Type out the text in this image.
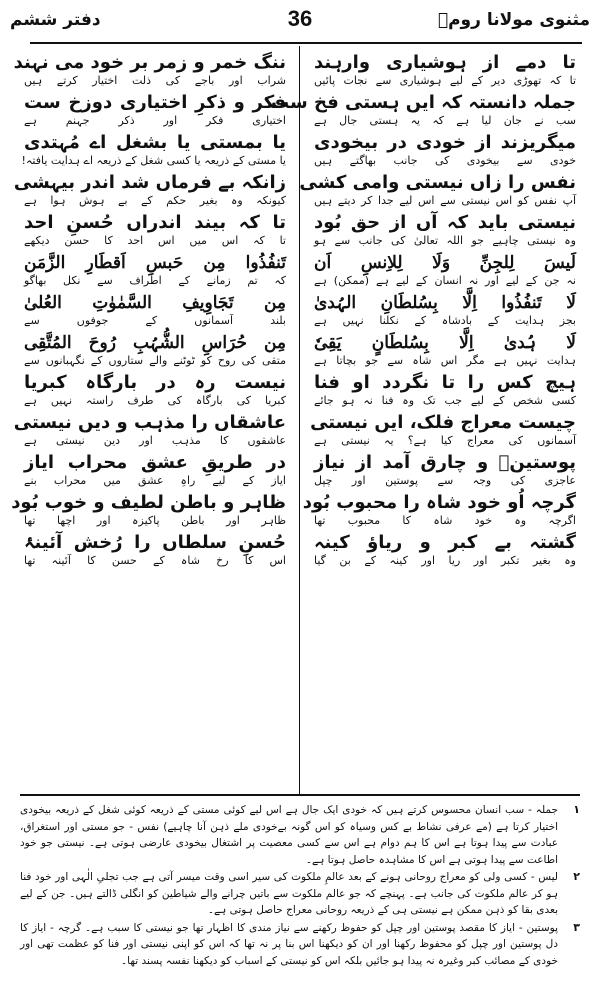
مثنوی مولانا رومؒ
36
دفتر ششم
تا دمے از ہوشیاری وارہند
تا کہ تھوڑی دیر کے لیے ہوشیاری سے نجات پائیں
جملہ دانستہ کہ ایں ہستی فخ ست
سب نے جان لیا ہے کہ یہ ہستی جال ہے
میگریزند از خودی در بیخودی
خودی سے بیخودی کی جانب بھاگتے ہیں
نفس را زاں نیستی وامی کشی
آپ نفس کو اس نیستی سے اس لیے جدا کر دیتے ہیں
نیستی باید کہ آں از حق بُود
وہ نیستی چاہیے جو اللہ تعالیٰ کی جانب سے ہو
لَیسَ لِلجِنِّ وَلَا لِلاِنسِ اَن
نہ جن کے لیے اور نہ انسان کے لیے ہے (ممکن) ہے
لَا تَنفُذُوا اِلَّا بِسُلطَانِ الہُدیٰ
بجز ہدایت کے بادشاہ کے نکلنا نہیں ہے
لَا ہُدیٰ اِلَّا بِسُلطَانٍ یَقِیٗ
ہدایت نہیں ہے مگر اس شاہ سے جو بچاتا ہے
ہیچ کس را تا نگردد او فنا
کسی شخص کے لیے جب تک وہ فنا نہ ہو جائے
چیست معراج فلک، ایں نیستی
آسمانوں کی معراج کیا ہے؟ یہ نیستی ہے
پوستینؒ و چارق آمد از نیاز
عاجزی کی وجہ سے پوستین اور چپل
گرچہ اُو خود شاہ را محبوب بُود
اگرچہ وہ خود شاہ کا محبوب تھا
گشتہ بے کبر و ریاؤ کینہ
وہ بغیر تکبر اور ریا اور کینہ کے بن گیا
ننگ خمر و زمر بر خود می نہند
شراب اور باجے کی ذلت اختیار کرتے ہیں
فکر و ذکرِ اختیاری دوزخ ست
اختیاری فکر اور ذکر جہنم ہے
یا بمستی یا بشغل اے مُہتدی
یا مستی کے ذریعہ یا کسی شغل کے ذریعہ اے ہدایت یافتہ!
زانکہ بے فرماں شد اندر بیہشی
کیونکہ وہ بغیر حکم کے بے ہوش ہوا ہے
تا کہ بیند اندراں حُسنِ احد
تا کہ اس میں اس احد کا حسن دیکھے
تَنفُذُوا مِن حَبسِ اَقطَارِ الزَّمَن
کہ تم زمانے کے اطراف سے نکل بھاگو
مِن تَجَاوِیفِ السَّمٰوٰتِ العُلیٰ
بلند آسمانوں کے جوفوں سے
مِن حُرَاسِ الشُّہُبِ رُوحَ المُتَّقِی
متقی کی روح کو ٹوٹنے والے ستاروں کے نگہبانوں سے
نیست رہ در بارگاہ کبریا
کبریا کی بارگاہ کی طرف راستہ نہیں ہے
عاشقاں را مذہب و دیں نیستی
عاشقوں کا مذہب اور دین نیستی ہے
در طریقِ عشق محراب ایاز
ایاز کے لیے راہِ عشق میں محراب بنے
ظاہر و باطن لطیف و خوب بُود
ظاہر اور باطن پاکیزہ اور اچھا تھا
حُسنِ سلطاں را رُخش آئینۂ
اس کا رخ شاہ کے حسن کا آئینہ تھا
۱
جملہ - سب انسان محسوس کرتے ہیں کہ خودی ایک جال ہے اس لیے کوئی مستی کے ذریعہ کوئی شغل کے ذریعہ بیخودی اختیار کرتا ہے (مے عرفی نشاط بے کس وسیاہ کو اس گونہ بےخودی ملے ذہن آنا چاہیے) نفس - جو مستی اور استغراق، عبادت سے پیدا ہوتا ہے اس کا ہم دوام ہے اس سے کسی معصیت پر اشتغال بیخودی عارضی ہوتی ہے۔ نیستی جو خود اطاعت سے پیدا ہوتی ہے اس کا مشاہدہ حاصل ہوتا ہے۔
۲
لیس - کسی ولی کو معراج روحانی ہونے کے بعد عالمِ ملکوت کی سیر اسی وقت میسر آتی ہے جب تجلیِ الٰہی اور خود فنا ہو کر عالم ملکوت کی جانب ہے۔ پہنچے کہ جو عالم ملکوت سے باتیں چرانے والے شیاطین کو انگلی ڈالتے ہیں۔ جن کے لیے بعدی بقا کو ذہن ممکن ہے نیستی ہی کے ذریعہ روحانی معراج حاصل ہوتی ہے۔
۳
پوستین - ایاز کا مقصد پوستین اور چپل کو حفوظ رکھنے سے نیاز مندی کا اظہار تھا جو نیستی کا سبب ہے۔ گرچہ - ایاز کا دل پوستین اور چپل کو محفوظ رکھنا اور ان کو دیکھنا اس بنا پر نہ تھا کہ اس کو اپنی نیستی اور فنا کو عظمت تھی اور خودی کے مصائب کبر وغیرہ نہ پیدا ہو جائیں بلکہ اس کو نیستی کے اسباب کو دیکھنا نفسہ پسند تھا۔
